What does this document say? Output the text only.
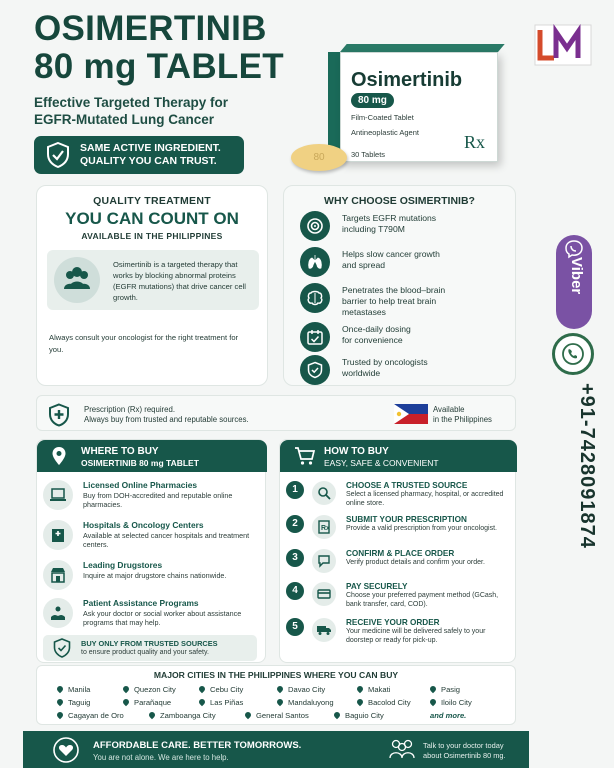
OSIMERTINIB
80 mg TABLET
Effective Targeted Therapy for
EGFR-Mutated Lung Cancer
SAME ACTIVE INGREDIENT.
QUALITY YOU CAN TRUST.
Osimertinib
80 mg
Film-Coated Tablet
Antineoplastic Agent
30 Tablets
Rx
80
QUALITY TREATMENT
YOU CAN COUNT ON
AVAILABLE IN THE PHILIPPINES
Osimertinib is a targeted therapy that works by blocking abnormal proteins (EGFR mutations) that drive cancer cell growth.
Always consult your oncologist for the right treatment for you.
WHY CHOOSE OSIMERTINIB?
Targets EGFR mutations
including T790M
Helps slow cancer growth
and spread
Penetrates the blood–brain
barrier to help treat brain
metastases
Once-daily dosing
for convenience
Trusted by oncologists
worldwide
Prescription (Rx) required.
Always buy from trusted and reputable sources.
Available
in the Philippines
WHERE TO BUY
OSIMERTINIB 80 mg TABLET
Licensed Online Pharmacies
Buy from DOH-accredited and reputable online pharmacies.
Hospitals & Oncology Centers
Available at selected cancer hospitals and treatment centers.
Leading Drugstores
Inquire at major drugstore chains nationwide.
Patient Assistance Programs
Ask your doctor or social worker about assistance programs that may help.
BUY ONLY FROM TRUSTED SOURCES
to ensure product quality and your safety.
HOW TO BUY
EASY, SAFE & CONVENIENT
1	CHOOSE A TRUSTED SOURCE
Select a licensed pharmacy, hospital, or accredited online store.
2	Rx
SUBMIT YOUR PRESCRIPTION
Provide a valid prescription from your oncologist.
3	CONFIRM & PLACE ORDER
Verify product details and confirm your order.
4	PAY SECURELY
Choose your preferred payment method (GCash, bank transfer, card, COD).
5	RECEIVE YOUR ORDER
Your medicine will be delivered safely to your doorstep or ready for pick-up.
MAJOR CITIES IN THE PHILIPPINES WHERE YOU CAN BUY
Manila	Quezon City	Cebu City	Davao City	Makati	Pasig
Taguig	Parañaque	Las Piñas	Mandaluyong	Bacolod City	Iloilo City
Cagayan de Oro	Zamboanga City	General Santos	Baguio City	and more.
AFFORDABLE CARE. BETTER TOMORROWS.
You are not alone. We are here to help.
Talk to your doctor today
about Osimertinib 80 mg.
Viber
+91-7428091874
